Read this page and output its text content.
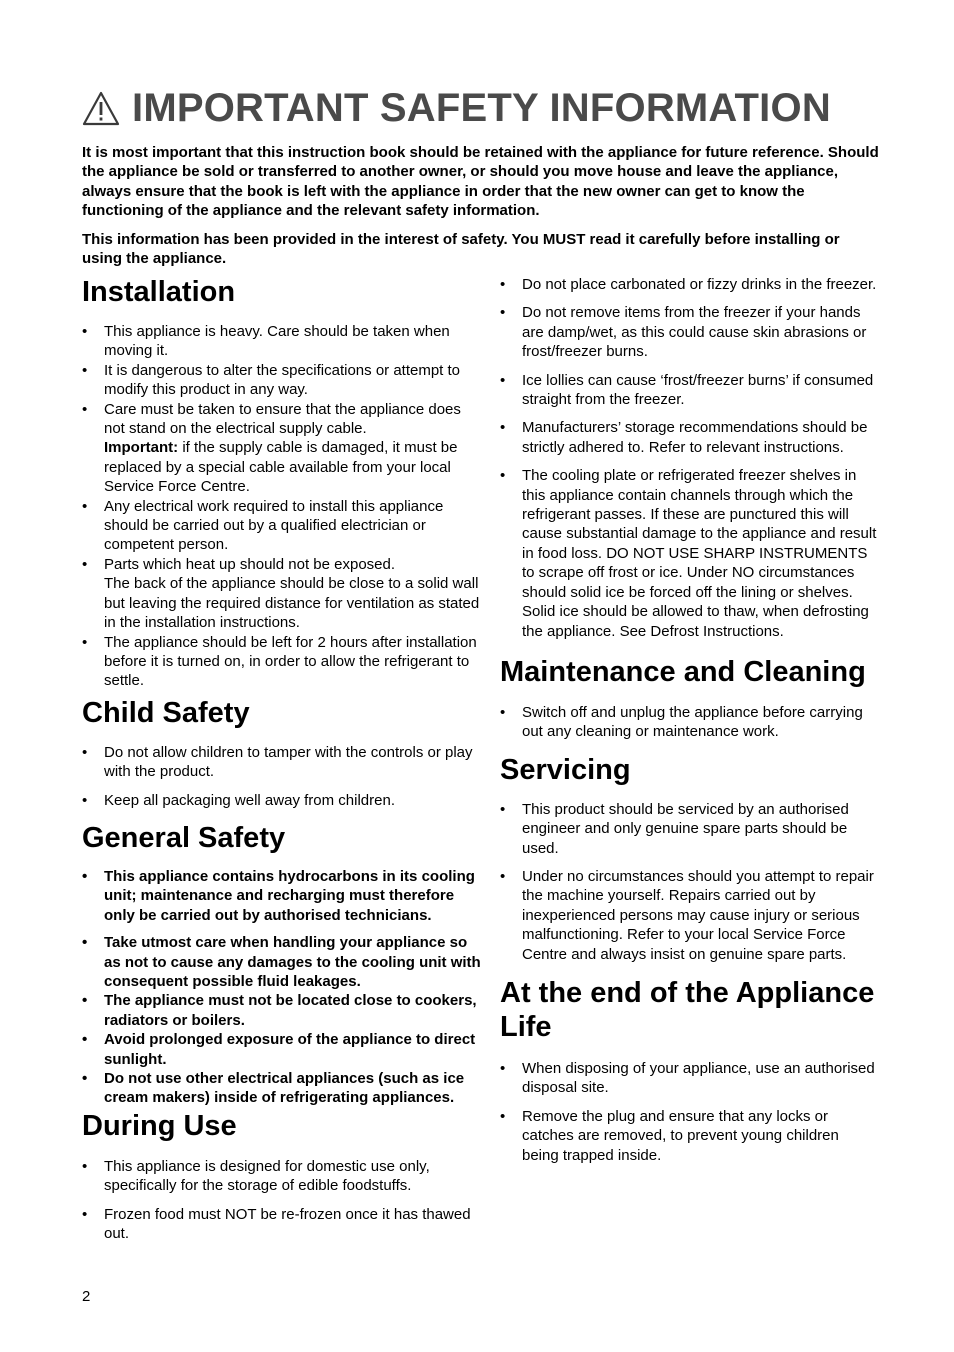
IMPORTANT SAFETY INFORMATION

It is most important that this instruction book should be retained with the appliance for future reference. Should the appliance be sold or transferred to another owner, or should you move house and leave the appliance, always ensure that the book is left with the appliance in order that the new owner can get to know the functioning of the appliance and the relevant safety information.

This information has been provided in the interest of safety. You MUST read it carefully before installing or using the appliance.

Installation
• This appliance is heavy. Care should be taken when moving it.
• It is dangerous to alter the specifications or attempt to modify this product in any way.
• Care must be taken to ensure that the appliance does not stand on the electrical supply cable.
Important: if the supply cable is damaged, it must be replaced by a special cable available from your local Service Force Centre.
• Any electrical work required to install this appliance should be carried out by a qualified electrician or competent person.
• Parts which heat up should not be exposed.
The back of the appliance should be close to a solid wall but leaving the required distance for ventilation as stated in the installation instructions.
• The appliance should be left for 2 hours after installation before it is turned on, in order to allow the refrigerant to settle.
Child Safety
• Do not allow children to tamper with the controls or play with the product.
• Keep all packaging well away from children.
General Safety
• This appliance contains hydrocarbons in its cooling unit; maintenance and recharging must therefore only be carried out by authorised technicians.
• Take utmost care when handling your appliance so as not to cause any damages to the cooling unit with consequent possible fluid leakages.
• The appliance must not be located close to cookers, radiators or boilers.
• Avoid prolonged exposure of the appliance to direct sunlight.
• Do not use other electrical appliances (such as ice cream makers) inside of refrigerating appliances.
During Use
• This appliance is designed for domestic use only, specifically for the storage of edible foodstuffs.
• Frozen food must NOT be re-frozen once it has thawed out.
• Do not place carbonated or fizzy drinks in the freezer.
• Do not remove items from the freezer if your hands are damp/wet, as this could cause skin abrasions or frost/freezer burns.
• Ice lollies can cause ‘frost/freezer burns’ if consumed straight from the freezer.
• Manufacturers’ storage recommendations should be strictly adhered to. Refer to relevant instructions.
• The cooling plate or refrigerated freezer shelves in this appliance contain channels through which the refrigerant passes. If these are punctured this will cause substantial damage to the appliance and result in food loss. DO NOT USE SHARP INSTRUMENTS to scrape off frost or ice. Under NO circumstances should solid ice be forced off the lining or shelves. Solid ice should be allowed to thaw, when defrosting the appliance. See Defrost Instructions.
Maintenance and Cleaning
• Switch off and unplug the appliance before carrying out any cleaning or maintenance work.
Servicing
• This product should be serviced by an authorised engineer and only genuine spare parts should be used.
• Under no circumstances should you attempt to repair the machine yourself. Repairs carried out by inexperienced persons may cause injury or serious malfunctioning. Refer to your local Service Force Centre and always insist on genuine spare parts.
At the end of the Appliance Life
• When disposing of your appliance, use an authorised disposal site.
• Remove the plug and ensure that any locks or catches are removed, to prevent young children being trapped inside.
2
